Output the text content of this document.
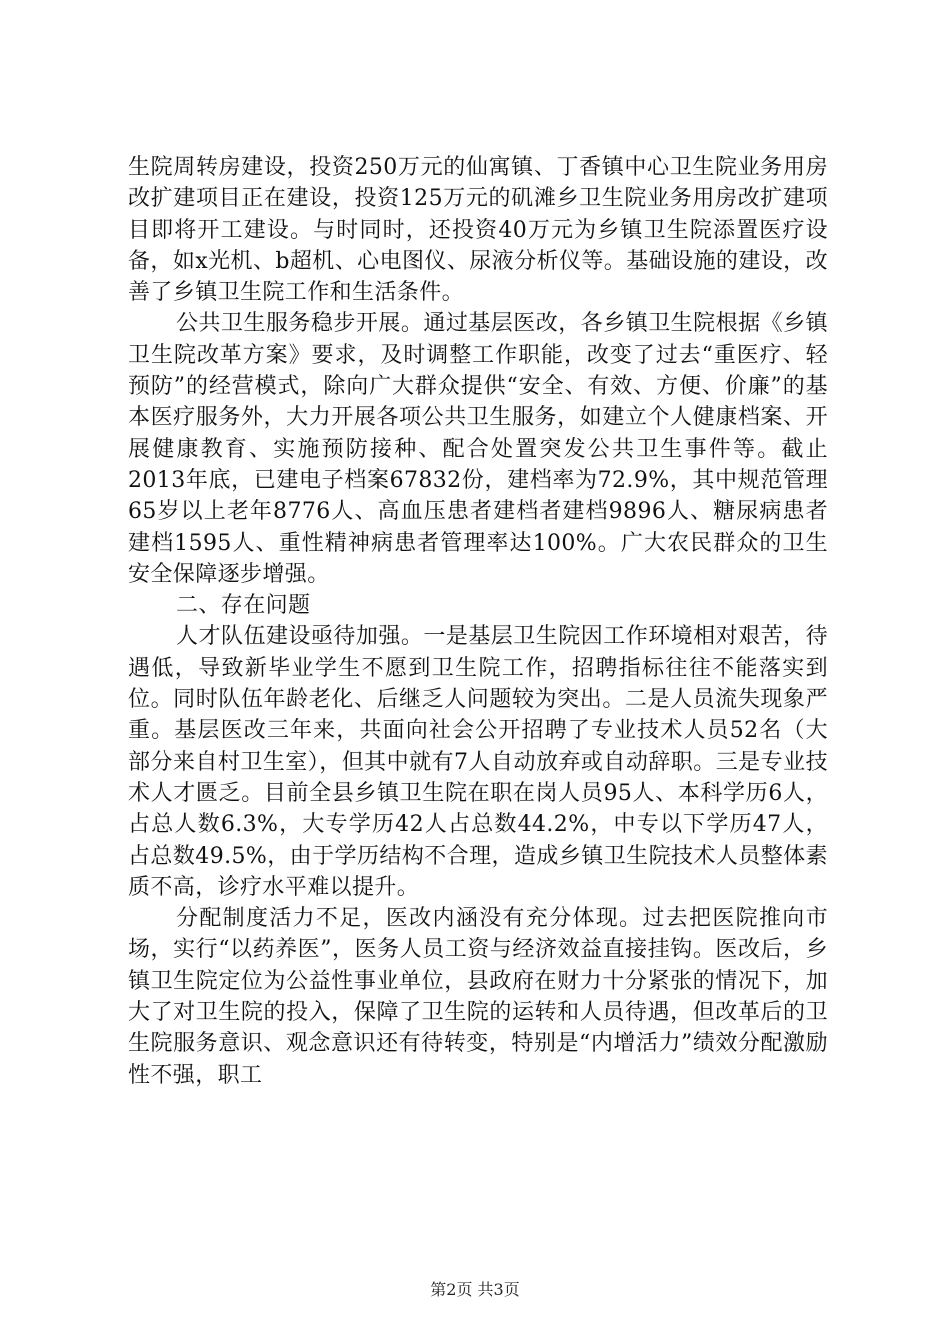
生院周转房建设，投资250万元的仙寓镇、丁香镇中心卫生院业务用房改扩建项目正在建设，投资125万元的矶滩乡卫生院业务用房改扩建项目即将开工建设。与时同时，还投资40万元为乡镇卫生院添置医疗设备，如x光机、b超机、心电图仪、尿液分析仪等。基础设施的建设，改善了乡镇卫生院工作和生活条件。

公共卫生服务稳步开展。通过基层医改，各乡镇卫生院根据《乡镇卫生院改革方案》要求，及时调整工作职能，改变了过去“重医疗、轻预防”的经营模式，除向广大群众提供“安全、有效、方便、价廉”的基本医疗服务外，大力开展各项公共卫生服务，如建立个人健康档案、开展健康教育、实施预防接种、配合处置突发公共卫生事件等。截止2013年底，已建电子档案67832份，建档率为72.9%，其中规范管理65岁以上老年8776人、高血压患者建档者建档9896人、糖尿病患者建档1595人、重性精神病患者管理率达100%。广大农民群众的卫生安全保障逐步增强。

二、存在问题

人才队伍建设亟待加强。一是基层卫生院因工作环境相对艰苦，待遇低，导致新毕业学生不愿到卫生院工作，招聘指标往往不能落实到位。同时队伍年龄老化、后继乏人问题较为突出。二是人员流失现象严重。基层医改三年来，共面向社会公开招聘了专业技术人员52名（大部分来自村卫生室），但其中就有7人自动放弃或自动辞职。三是专业技术人才匮乏。目前全县乡镇卫生院在职在岗人员95人、本科学历6人，占总人数6.3%，大专学历42人占总数44.2%，中专以下学历47人，占总数49.5%，由于学历结构不合理，造成乡镇卫生院技术人员整体素质不高，诊疗水平难以提升。

分配制度活力不足，医改内涵没有充分体现。过去把医院推向市场，实行“以药养医”，医务人员工资与经济效益直接挂钩。医改后，乡镇卫生院定位为公益性事业单位，县政府在财力十分紧张的情况下，加大了对卫生院的投入，保障了卫生院的运转和人员待遇，但改革后的卫生院服务意识、观念意识还有待转变，特别是“内增活力”绩效分配激励性不强，职工

第2页 共3页
